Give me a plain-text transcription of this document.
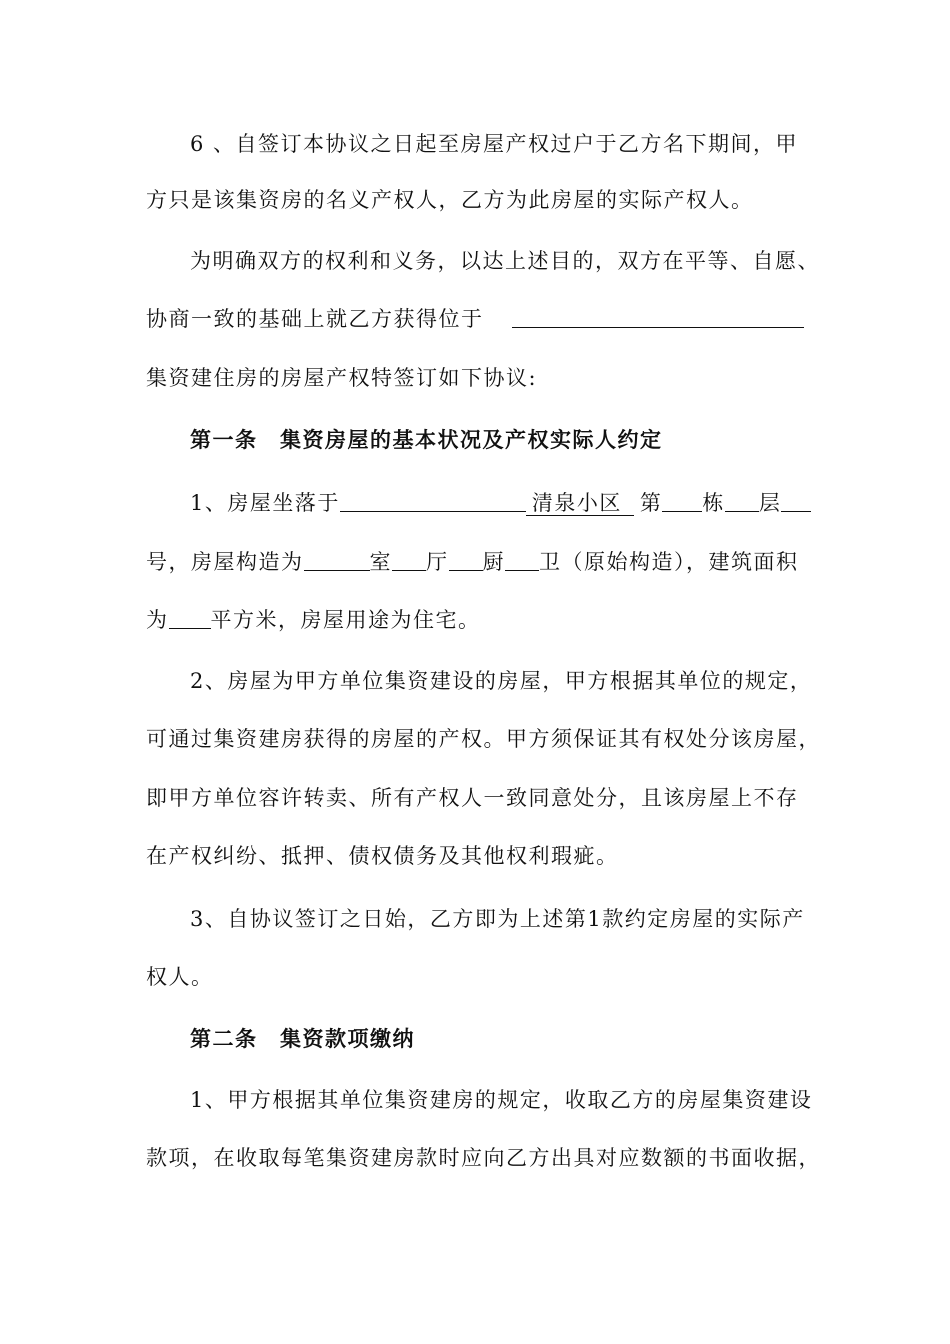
6 、自签订本协议之日起至房屋产权过户于乙方名下期间，甲
方只是该集资房的名义产权人，乙方为此房屋的实际产权人。
为明确双方的权利和义务，以达上述目的，双方在平等、自愿、
协商一致的基础上就乙方获得位于
集资建住房的房屋产权特签订如下协议:
第一条　集资房屋的基本状况及产权实际人约定
1、房屋坐落于	清泉小区 第 栋 层
号，房屋构造为	室 厅 厨 卫（原始构造），建筑面积
为 平方米，房屋用途为住宅。
2、房屋为甲方单位集资建设的房屋，甲方根据其单位的规定，
可通过集资建房获得的房屋的产权。甲方须保证其有权处分该房屋，
即甲方单位容许转卖、所有产权人一致同意处分，且该房屋上不存
在产权纠纷、抵押、债权债务及其他权利瑕疵。
3、自协议签订之日始，乙方即为上述第1款约定房屋的实际产
权人。
第二条　集资款项缴纳
1、甲方根据其单位集资建房的规定，收取乙方的房屋集资建设
款项，在收取每笔集资建房款时应向乙方出具对应数额的书面收据，
